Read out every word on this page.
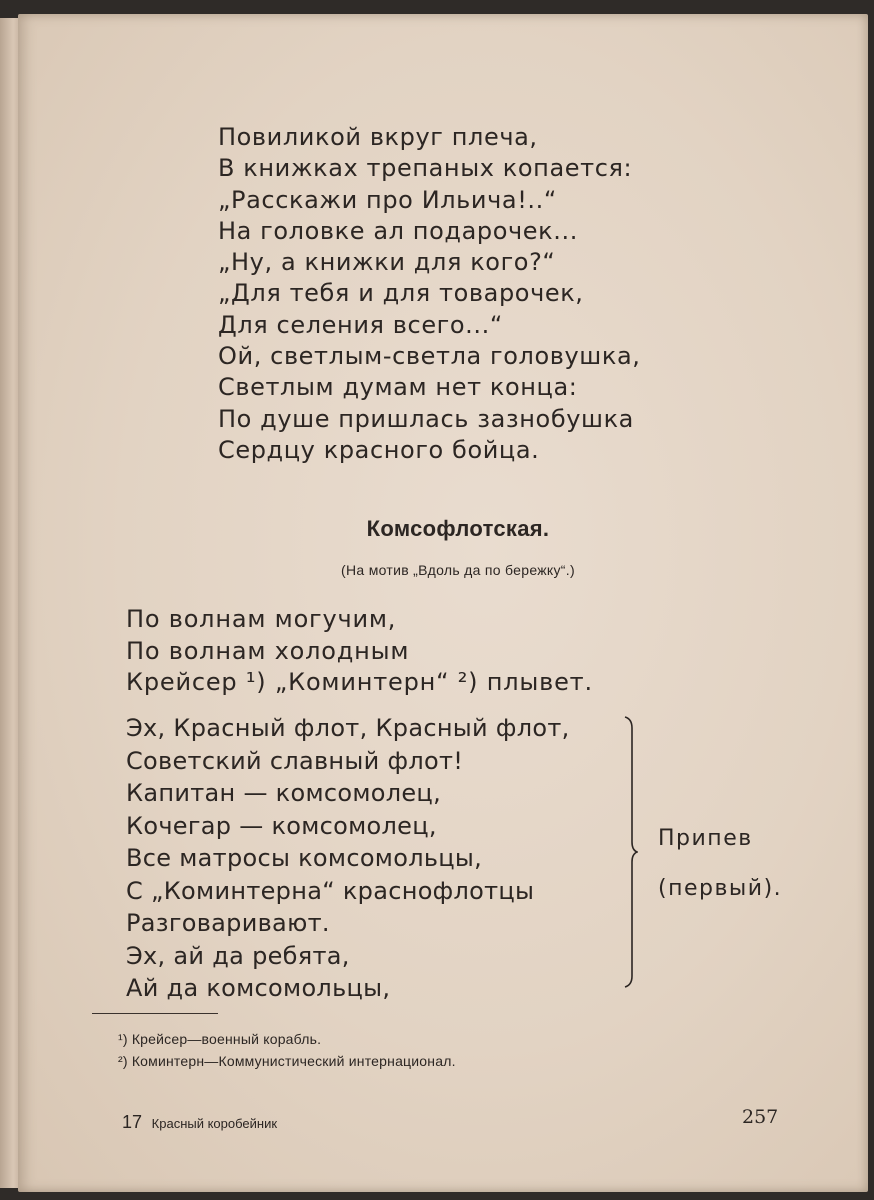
Повиликой вкруг плеча,
В книжках трепаных копается:
„Расскажи про Ильича!..“
На головке ал подарочек...
„Ну, а книжки для кого?“
„Для тебя и для товарочек,
Для селения всего...“
Ой, светлым-светла головушка,
Светлым думам нет конца:
По душе пришлась зазнобушка
Сердцу красного бойца.
Комсофлотская.
(На мотив „Вдоль да по бережку“.)
По волнам могучим,
По волнам холодным
Крейсер ¹) „Коминтерн“ ²) плывет.
Эх, Красный флот, Красный флот,
Советский славный флот!
Капитан — комсомолец,
Кочегар — комсомолец,
Все матросы комсомольцы,
С „Коминтерна“ краснофлотцы
Разговаривают.
Эх, ай да ребята,
Ай да комсомольцы,
Припев
(первый).
¹) Крейсер—военный корабль.
²) Коминтерн—Коммунистический интернационал.
17 Красный коробейник	257
